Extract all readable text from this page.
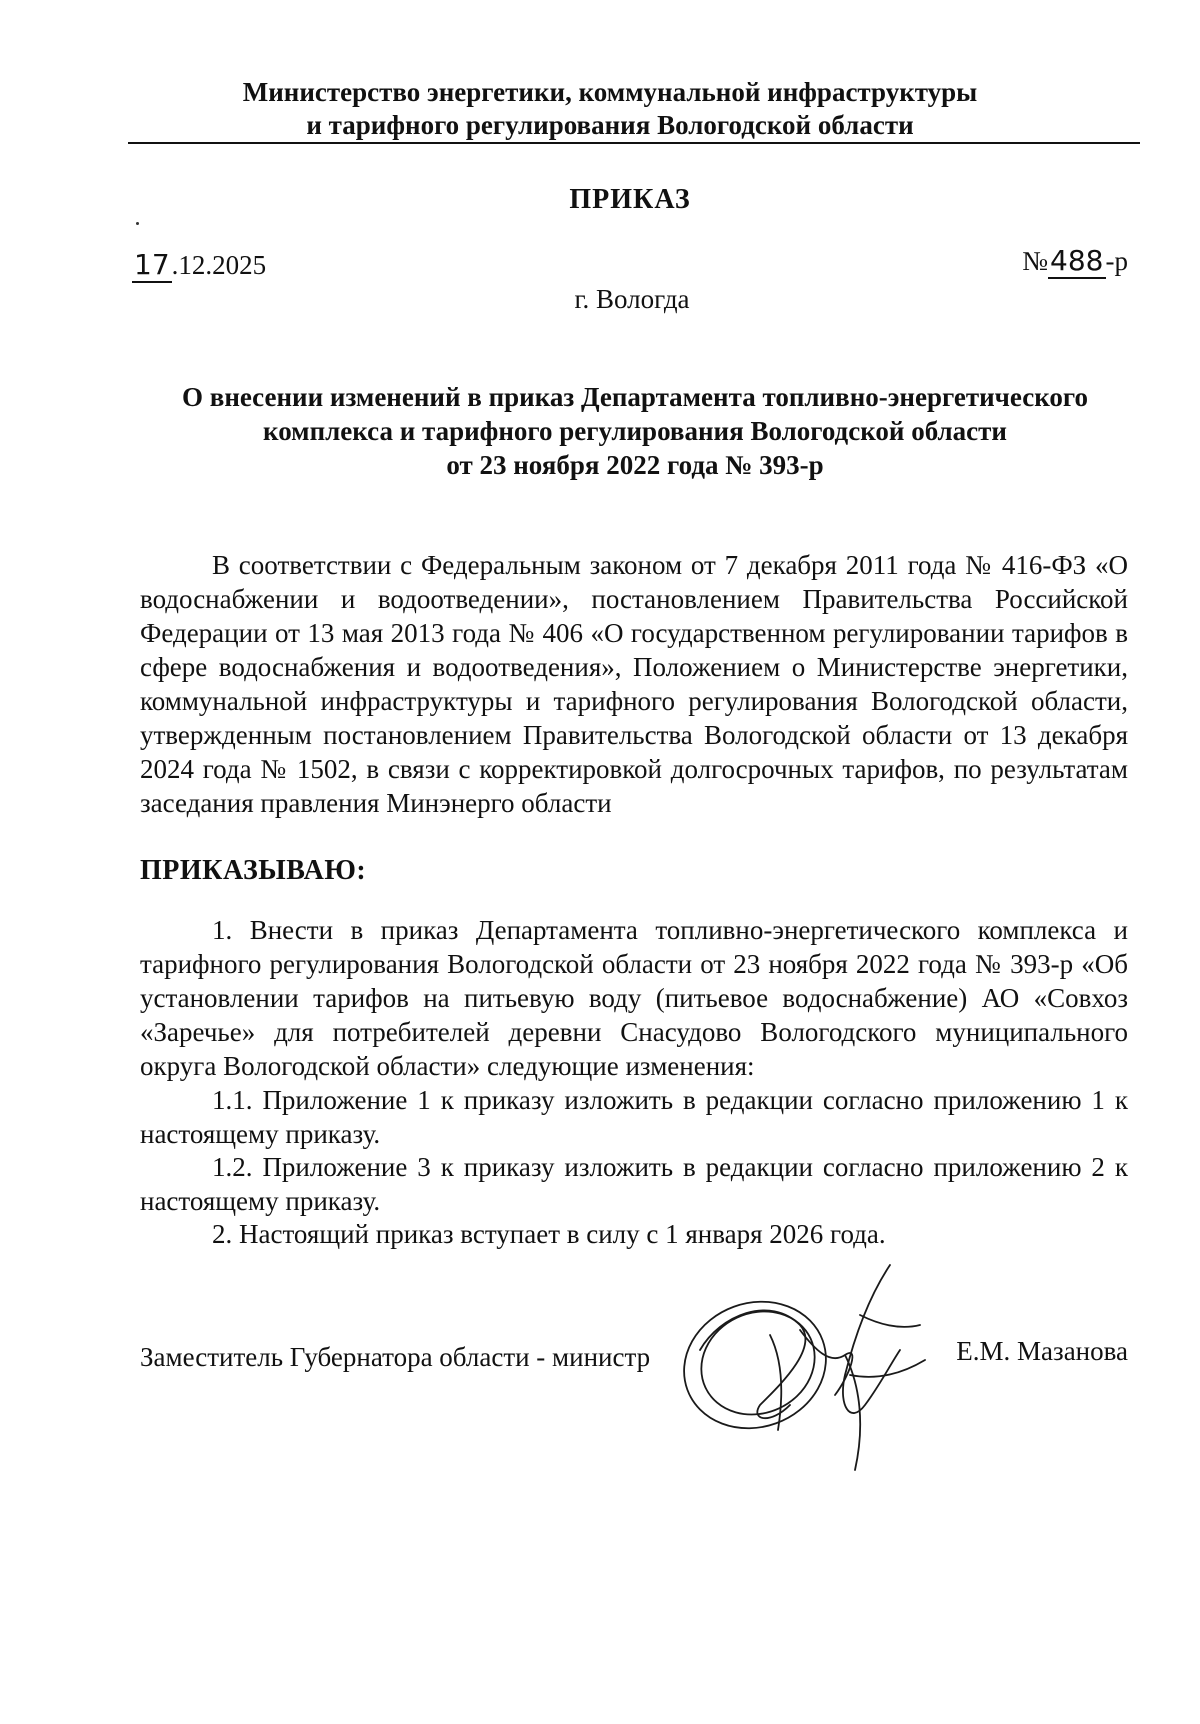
Министерство энергетики, коммунальной инфраструктуры
и тарифного регулирования Вологодской области
ПРИКАЗ
17.12.2025	№488-р
г. Вологда
О внесении изменений в приказ Департамента топливно-энергетического
комплекса и тарифного регулирования Вологодской области
от 23 ноября 2022 года № 393-р
В соответствии с Федеральным законом от 7 декабря 2011 года № 416-ФЗ «О водоснабжении и водоотведении», постановлением Правительства Российской Федерации от 13 мая 2013 года № 406 «О государственном регулировании тарифов в сфере водоснабжения и водоотведения», Положением о Министерстве энергетики, коммунальной инфраструктуры и тарифного регулирования Вологодской области, утвержденным постановлением Правительства Вологодской области от 13 декабря 2024 года № 1502, в связи с корректировкой долгосрочных тарифов, по результатам заседания правления Минэнерго области
ПРИКАЗЫВАЮ:
1. Внести в приказ Департамента топливно-энергетического комплекса и тарифного регулирования Вологодской области от 23 ноября 2022 года № 393-р «Об установлении тарифов на питьевую воду (питьевое водоснабжение) АО «Совхоз «Заречье» для потребителей деревни Снасудово Вологодского муниципального округа Вологодской области» следующие изменения:
1.1. Приложение 1 к приказу изложить в редакции согласно приложению 1 к настоящему приказу.
1.2. Приложение 3 к приказу изложить в редакции согласно приложению 2 к настоящему приказу.
2. Настоящий приказ вступает в силу с 1 января 2026 года.
Заместитель Губернатора области - министр	Е.М. Мазанова
